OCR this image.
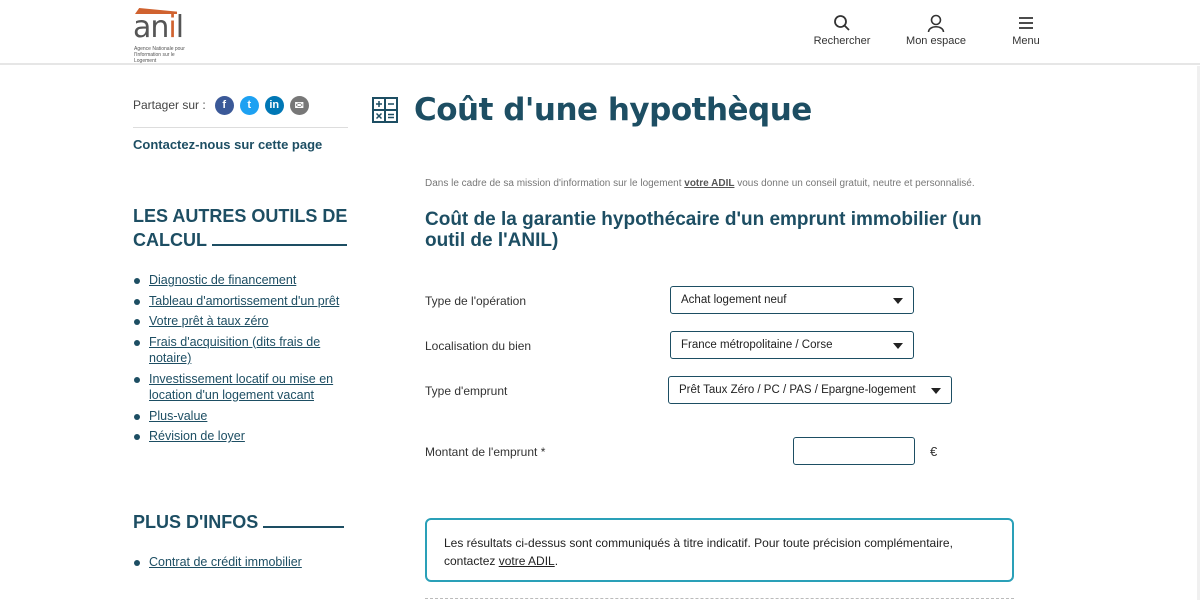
anil
Agence Nationale pour l'Information sur le Logement
Rechercher	Mon espace	Menu
Partager sur :	f	t	in	✉
Contactez-nous sur cette page
LES AUTRES OUTILS DE
CALCUL
Diagnostic de financement
Tableau d'amortissement d'un prêt
Votre prêt à taux zéro
Frais d'acquisition (dits frais de notaire)
Investissement locatif ou mise en location d'un logement vacant
Plus-value
Révision de loyer
PLUS D'INFOS
Contrat de crédit immobilier
Coût d'une hypothèque
Dans le cadre de sa mission d'information sur le logement votre ADIL vous donne un conseil gratuit, neutre et personnalisé.
Coût de la garantie hypothécaire d'un emprunt immobilier (un outil de l'ANIL)
Type de l'opération	Achat logement neuf
Localisation du bien	France métropolitaine / Corse
Type d'emprunt	Prêt Taux Zéro / PC / PAS / Epargne-logement
Montant de l'emprunt *	€
Les résultats ci-dessus sont communiqués à titre indicatif. Pour toute précision complémentaire, contactez votre ADIL.
